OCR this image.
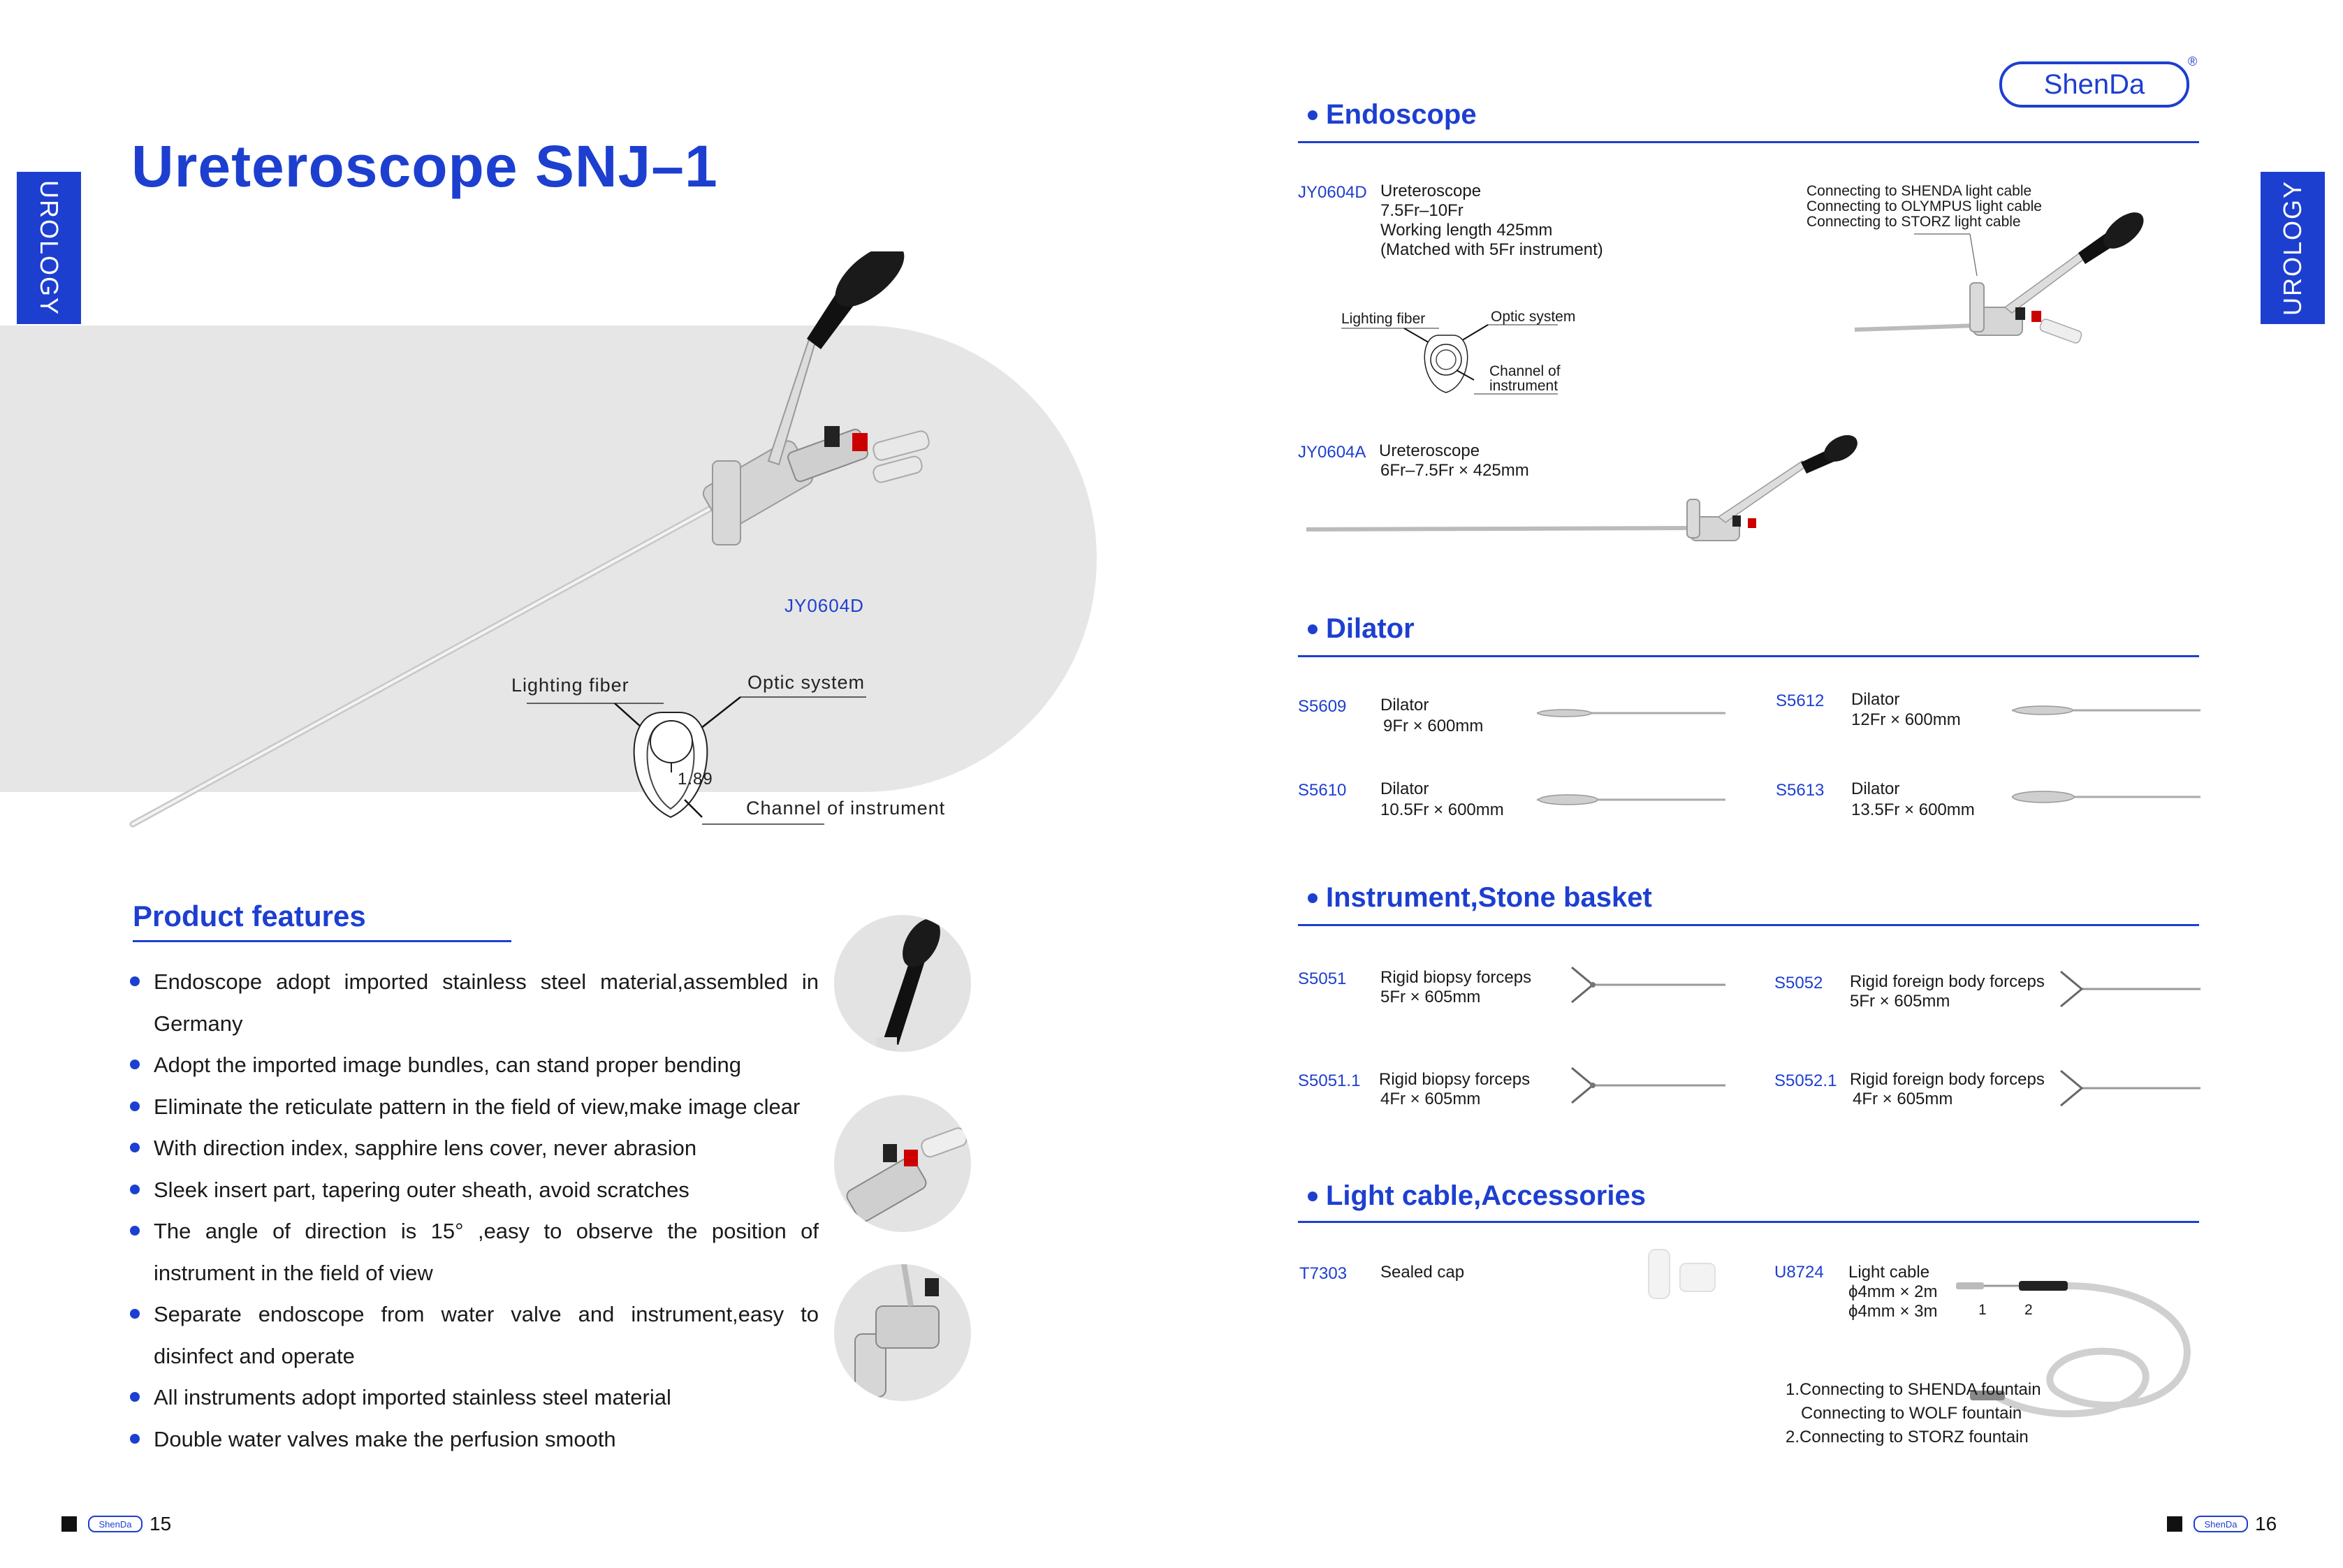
UROLOGY
Ureteroscope SNJ–1
JY0604D
Lighting fiber	Optic system
1.89
Channel of instrument
Product features
Endoscope adopt imported stainless steel material,assembled in Germany
Adopt the imported image bundles, can stand proper bending
Eliminate the reticulate pattern in the field of view,make image clear
With direction index, sapphire lens cover, never abrasion
Sleek insert part, tapering outer sheath, avoid scratches
The angle of direction is 15° ,easy to observe the position of instrument in the field of view
Separate endoscope from water valve and instrument,easy to disinfect and operate
All instruments adopt imported stainless steel material
Double water valves make the perfusion smooth
ShenDa 15
ShenDa
®
UROLOGY
Endoscope
JY0604D Ureteroscope
7.5Fr–10Fr
Working length 425mm
(Matched with 5Fr instrument)
Connecting to SHENDA light cable
Connecting to OLYMPUS light cable
Connecting to STORZ light cable
Lighting fiber	Optic system
Channel of
instrument
JY0604A Ureteroscope
6Fr–7.5Fr × 425mm
Dilator
S5609 Dilator
9Fr × 600mm
S5612 Dilator
12Fr × 600mm
S5610 Dilator
10.5Fr × 600mm
S5613 Dilator
13.5Fr × 600mm
Instrument,Stone basket
S5051 Rigid biopsy forceps
5Fr × 605mm
S5052 Rigid foreign body forceps
5Fr × 605mm
S5051.1 Rigid biopsy forceps
4Fr × 605mm
S5052.1 Rigid foreign body forceps
4Fr × 605mm
Light cable,Accessories
T7303 Sealed cap	U8724 Light cable
ϕ4mm × 2m
ϕ4mm × 3m	1	2
1.Connecting to SHENDA fountain
Connecting to WOLF fountain
2.Connecting to STORZ fountain
ShenDa 16
